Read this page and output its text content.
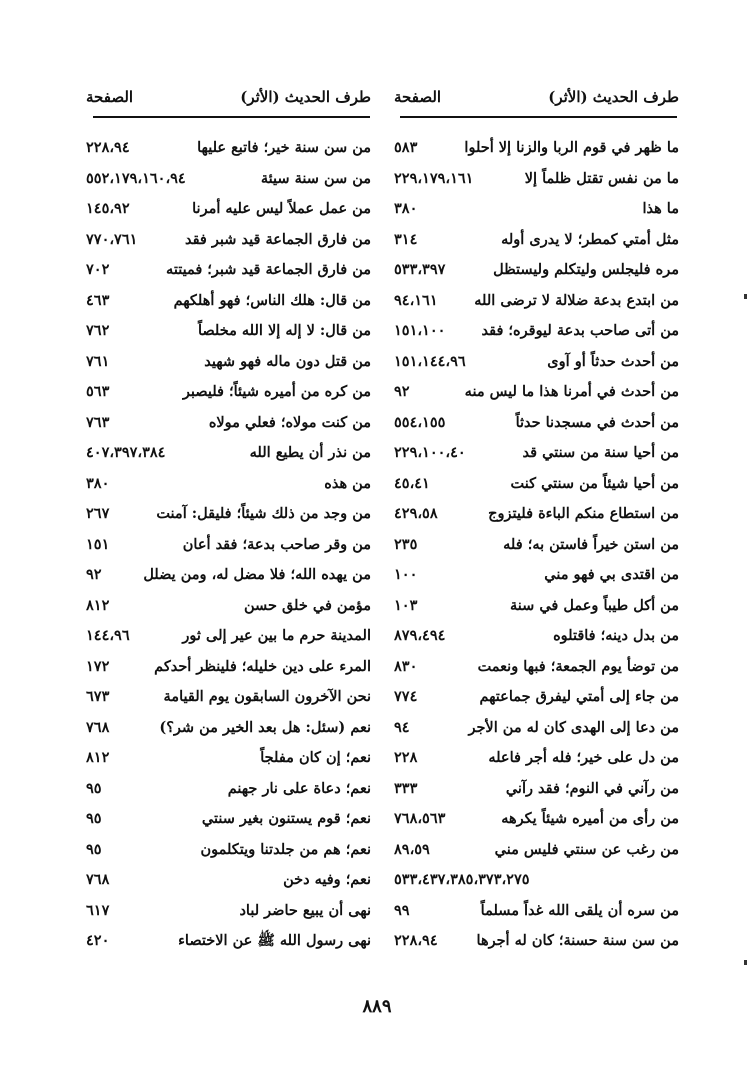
طرف الحديث (الأثر)
الصفحة
طرف الحديث (الأثر)
الصفحة
ما ظهر في قوم الربا والزنا إلا أحلوا
٥٨٣
ما من نفس تقتل ظلماً إلا
٢٢٩،١٧٩،١٦١
ما هذا
٣٨٠
مثل أمتي كمطر؛ لا يدرى أوله
٣١٤
مره فليجلس وليتكلم وليستظل
٥٣٣،٣٩٧
من ابتدع بدعة ضلالة لا ترضى الله
٩٤،١٦١
من أتى صاحب بدعة ليوقره؛ فقد
١٥١،١٠٠
من أحدث حدثاً أو آوى
١٥١،١٤٤،٩٦
من أحدث في أمرنا هذا ما ليس منه
٩٢
من أحدث في مسجدنا حدثاً
٥٥٤،١٥٥
من أحيا سنة من سنتي قد
٢٢٩،١٠٠،٤٠
من أحيا شيئاً من سنتي كنت
٤٥،٤١
من استطاع منكم الباءة فليتزوج
٤٢٩،٥٨
من استن خيراً فاستن به؛ فله
٢٣٥
من اقتدى بي فهو مني
١٠٠
من أكل طيباً وعمل في سنة
١٠٣
من بدل دينه؛ فاقتلوه
٨٧٩،٤٩٤
من توضأ يوم الجمعة؛ فبها ونعمت
٨٣٠
من جاء إلى أمتي ليفرق جماعتهم
٧٧٤
من دعا إلى الهدى كان له من الأجر
٩٤
من دل على خير؛ فله أجر فاعله
٢٢٨
من رآني في النوم؛ فقد رآني
٣٣٣
من رأى من أميره شيئاً يكرهه
٧٦٨،٥٦٣
من رغب عن سنتي فليس مني
٨٩،٥٩
٥٣٣،٤٣٧،٣٨٥،٣٧٣،٢٧٥
من سره أن يلقى الله غداً مسلماً
٩٩
من سن سنة حسنة؛ كان له أجرها
٢٢٨،٩٤
من سن سنة خير؛ فاتبع عليها
٢٢٨،٩٤
من سن سنة سيئة
٥٥٢،١٧٩،١٦٠،٩٤
من عمل عملاً ليس عليه أمرنا
١٤٥،٩٢
من فارق الجماعة قيد شبر فقد
٧٧٠،٧٦١
من فارق الجماعة قيد شبر؛ فميتته
٧٠٢
من قال: هلك الناس؛ فهو أهلكهم
٤٦٣
من قال: لا إله إلا الله مخلصاً
٧٦٢
من قتل دون ماله فهو شهيد
٧٦١
من كره من أميره شيئاً؛ فليصبر
٥٦٣
من كنت مولاه؛ فعلي مولاه
٧٦٣
من نذر أن يطيع الله
٤٠٧،٣٩٧،٣٨٤
من هذه
٣٨٠
من وجد من ذلك شيئاً؛ فليقل: آمنت
٢٦٧
من وقر صاحب بدعة؛ فقد أعان
١٥١
من يهده الله؛ فلا مضل له، ومن يضلل
٩٢
مؤمن في خلق حسن
٨١٢
المدينة حرم ما بين عير إلى ثور
١٤٤،٩٦
المرء على دين خليله؛ فلينظر أحدكم
١٧٢
نحن الآخرون السابقون يوم القيامة
٦٧٣
نعم (سئل: هل بعد الخير من شر؟)
٧٦٨
نعم؛ إن كان مفلجاً
٨١٢
نعم؛ دعاة على نار جهنم
٩٥
نعم؛ قوم يستنون بغير سنتي
٩٥
نعم؛ هم من جلدتنا ويتكلمون
٩٥
نعم؛ وفيه دخن
٧٦٨
نهى أن يبيع حاضر لباد
٦١٧
نهى رسول الله ﷺ عن الاختصاء
٤٢٠
٨٨٩
